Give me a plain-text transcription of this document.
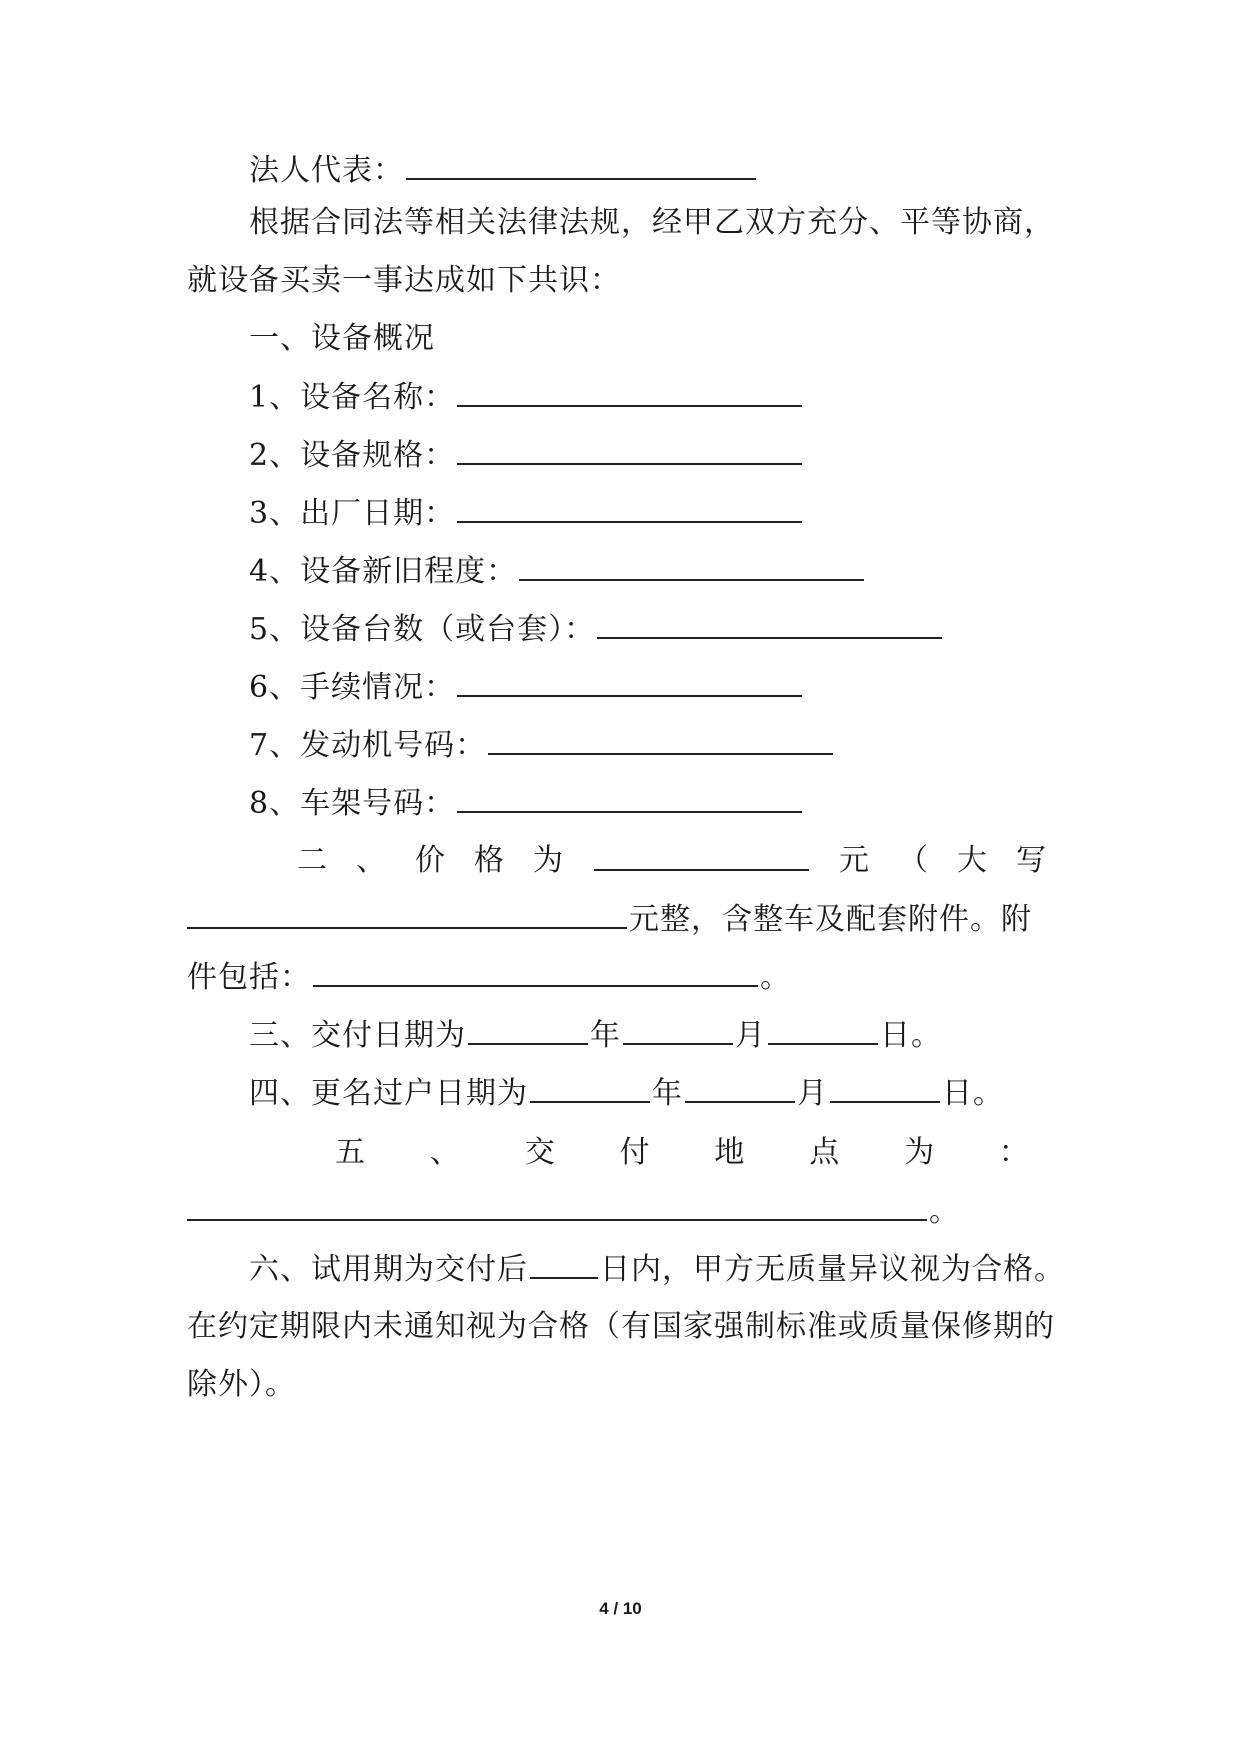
法人代表：
根据合同法等相关法律法规，经甲乙双方充分、平等协商，
就设备买卖一事达成如下共识：
一、设备概况
1、设备名称：
2、设备规格：
3、出厂日期：
4、设备新旧程度：
5、设备台数（或台套）：
6、手续情况：
7、发动机号码：
8、车架号码：
二 、 价 格 为	元 （ 大 写
元整，含整车及配套附件。附
件包括：	。
三、交付日期为	年	月	日。
四、更名过户日期为	年	月	日。
五 、 交 付 地 点 为 ：
。
六、试用期为交付后 日内，甲方无质量异议视为合格。
在约定期限内未通知视为合格（有国家强制标准或质量保修期的
除外）。
4 / 10
